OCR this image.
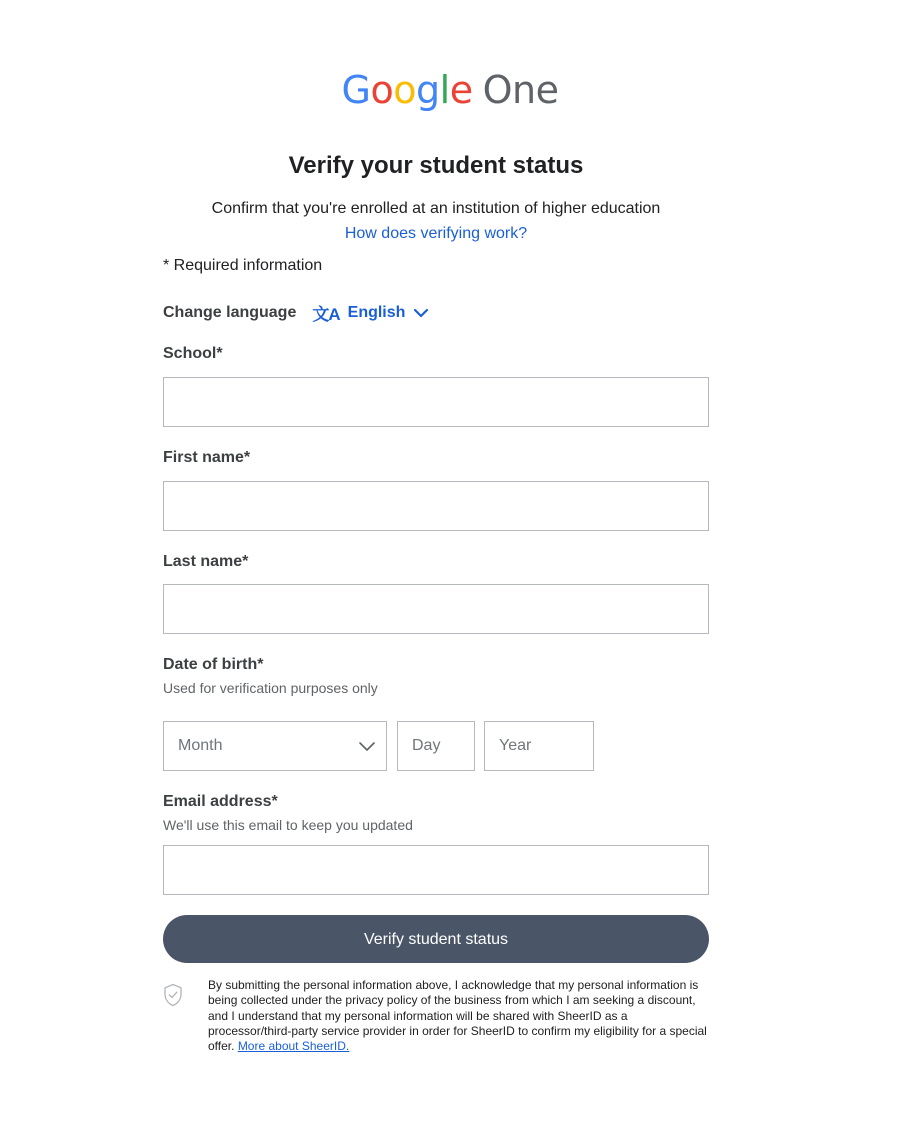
Google One
Verify your student status
Confirm that you're enrolled at an institution of higher education
How does verifying work?
* Required information
Change language 文A English
School*
First name*
Last name*
Date of birth*
Used for verification purposes only
Month
Day
Year
Email address*
We'll use this email to keep you updated
Verify student status
By submitting the personal information above, I acknowledge that my personal information is being collected under the privacy policy of the business from which I am seeking a discount, and I understand that my personal information will be shared with SheerID as a processor/third-party service provider in order for SheerID to confirm my eligibility for a special offer. More about SheerID.
